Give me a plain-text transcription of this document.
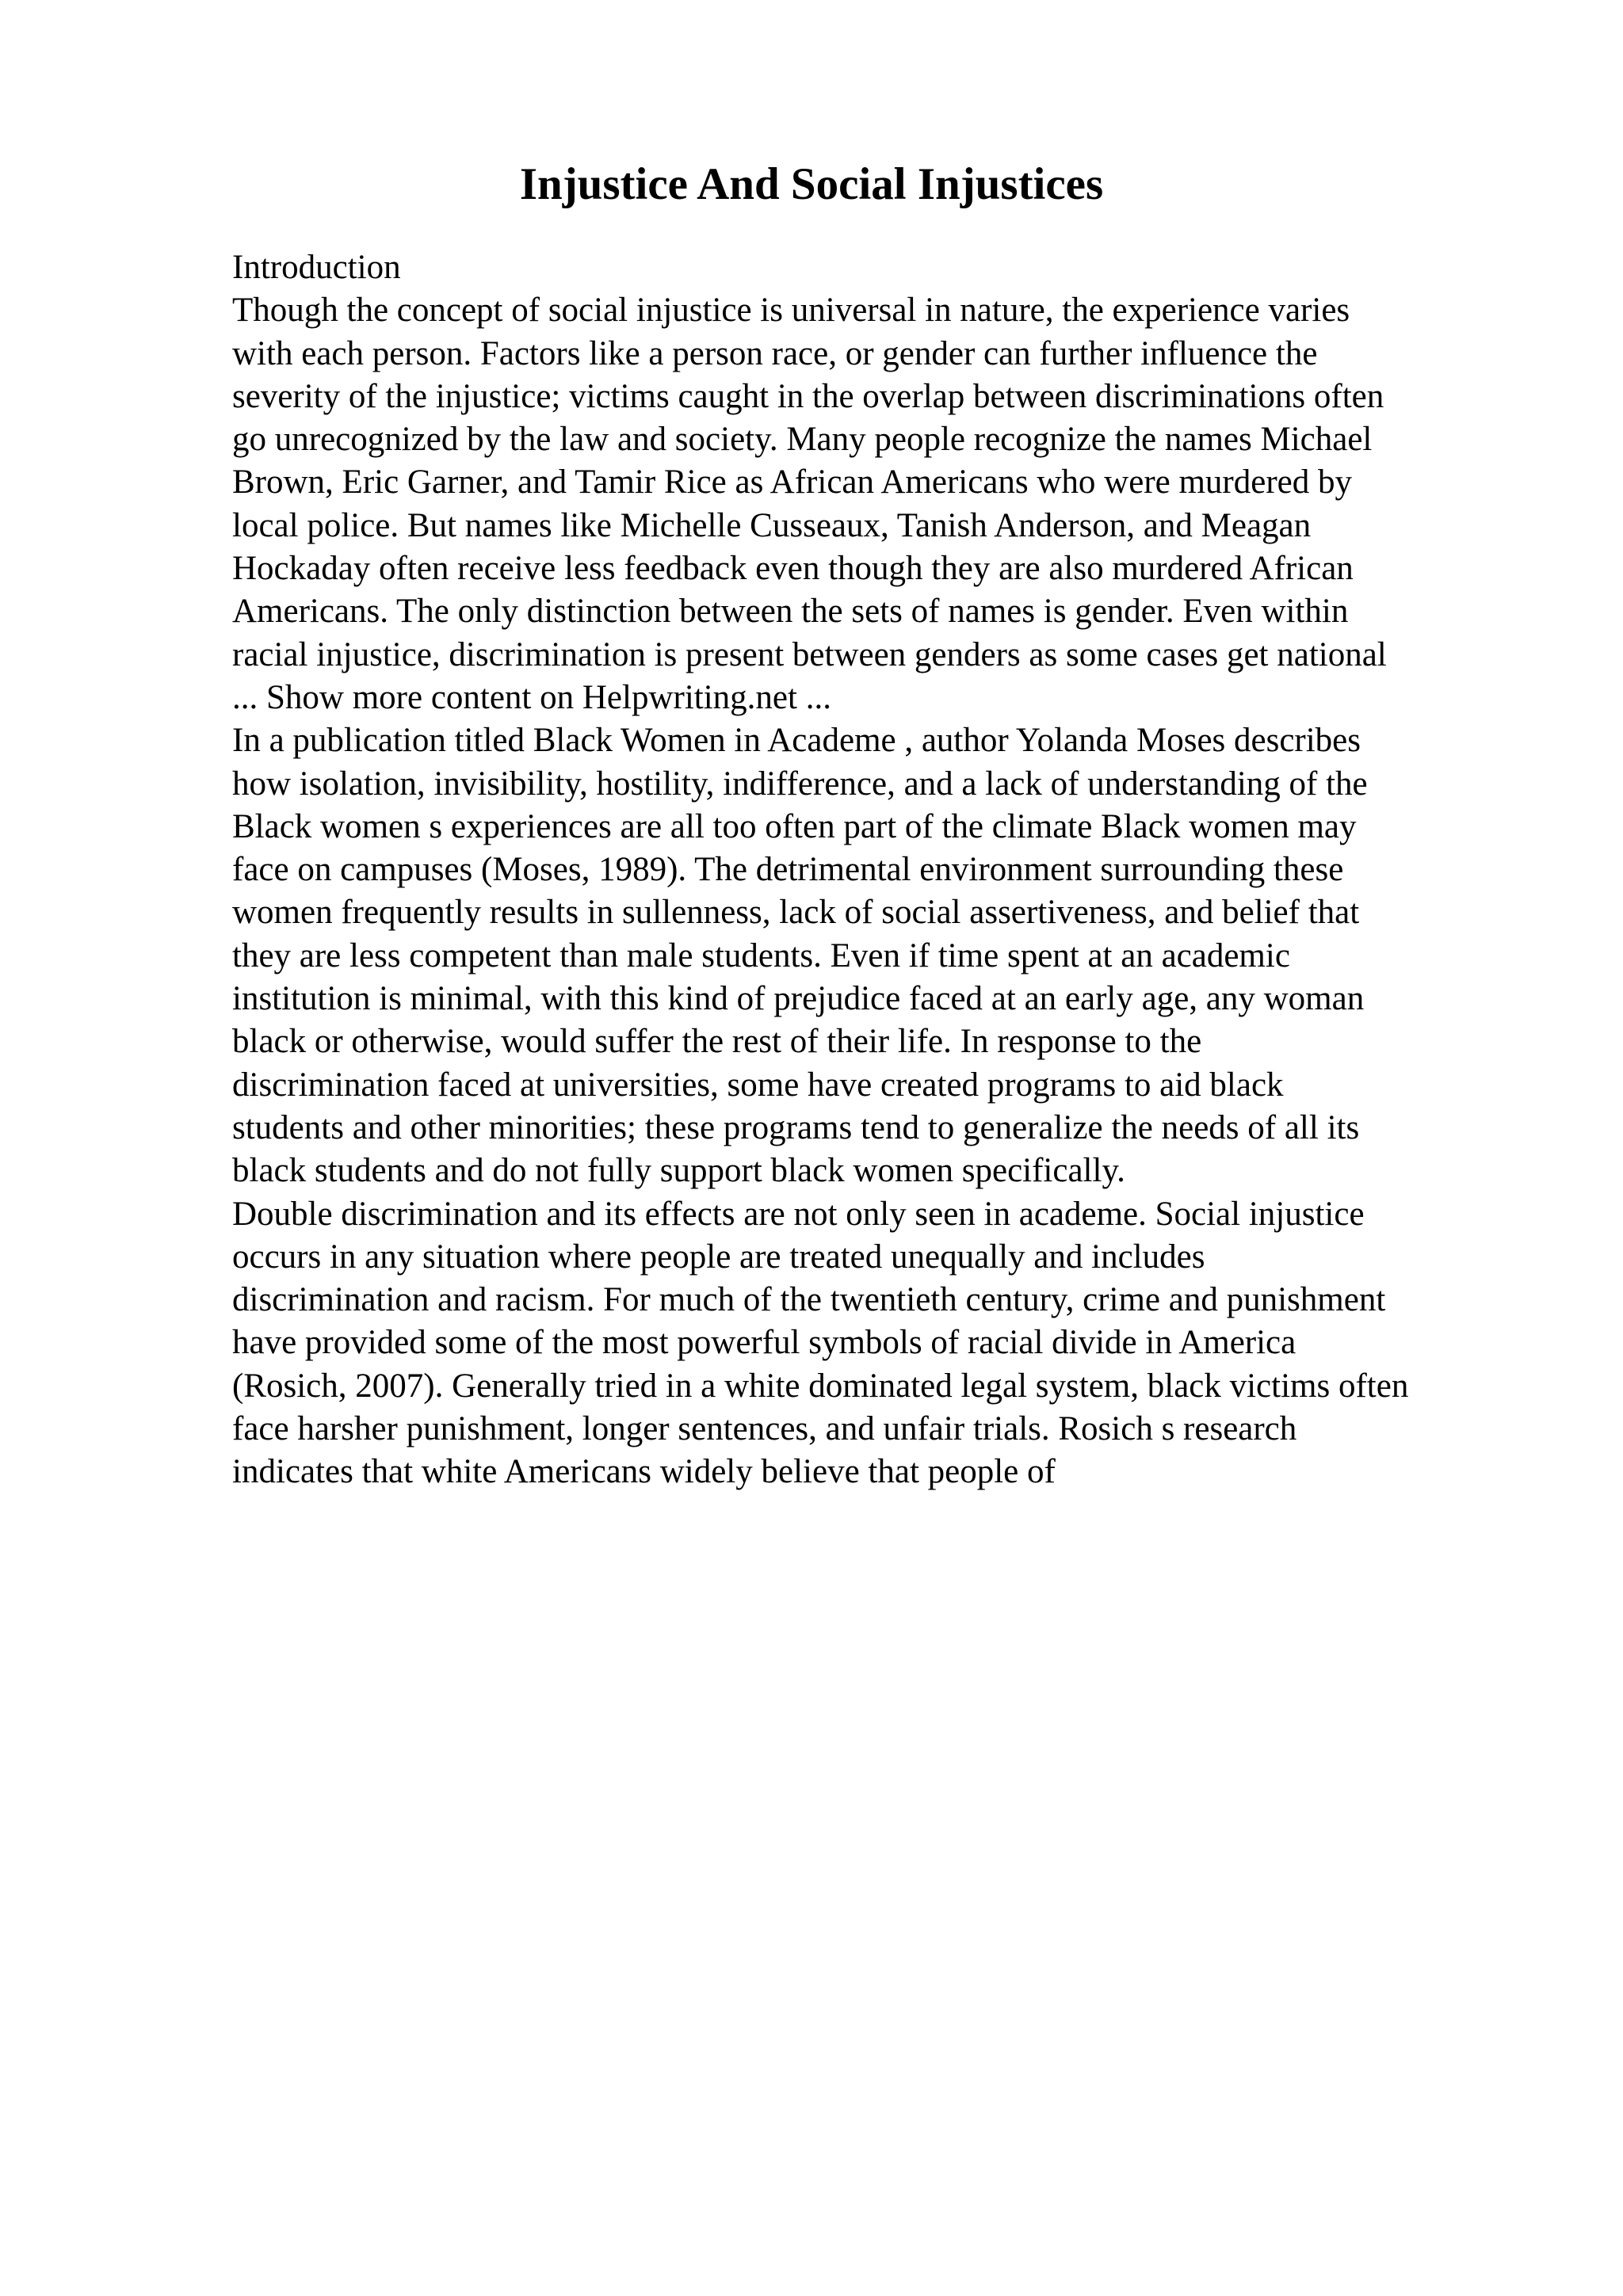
Injustice And Social Injustices
Introduction
Though the concept of social injustice is universal in nature, the experience varies
with each person. Factors like a person race, or gender can further influence the
severity of the injustice; victims caught in the overlap between discriminations often
go unrecognized by the law and society. Many people recognize the names Michael
Brown, Eric Garner, and Tamir Rice as African Americans who were murdered by
local police. But names like Michelle Cusseaux, Tanish Anderson, and Meagan
Hockaday often receive less feedback even though they are also murdered African
Americans. The only distinction between the sets of names is gender. Even within
racial injustice, discrimination is present between genders as some cases get national
... Show more content on Helpwriting.net ...
In a publication titled Black Women in Academe , author Yolanda Moses describes
how isolation, invisibility, hostility, indifference, and a lack of understanding of the
Black women s experiences are all too often part of the climate Black women may
face on campuses (Moses, 1989). The detrimental environment surrounding these
women frequently results in sullenness, lack of social assertiveness, and belief that
they are less competent than male students. Even if time spent at an academic
institution is minimal, with this kind of prejudice faced at an early age, any woman
black or otherwise, would suffer the rest of their life. In response to the
discrimination faced at universities, some have created programs to aid black
students and other minorities; these programs tend to generalize the needs of all its
black students and do not fully support black women specifically.
Double discrimination and its effects are not only seen in academe. Social injustice
occurs in any situation where people are treated unequally and includes
discrimination and racism. For much of the twentieth century, crime and punishment
have provided some of the most powerful symbols of racial divide in America
(Rosich, 2007). Generally tried in a white dominated legal system, black victims often
face harsher punishment, longer sentences, and unfair trials. Rosich s research
indicates that white Americans widely believe that people of
